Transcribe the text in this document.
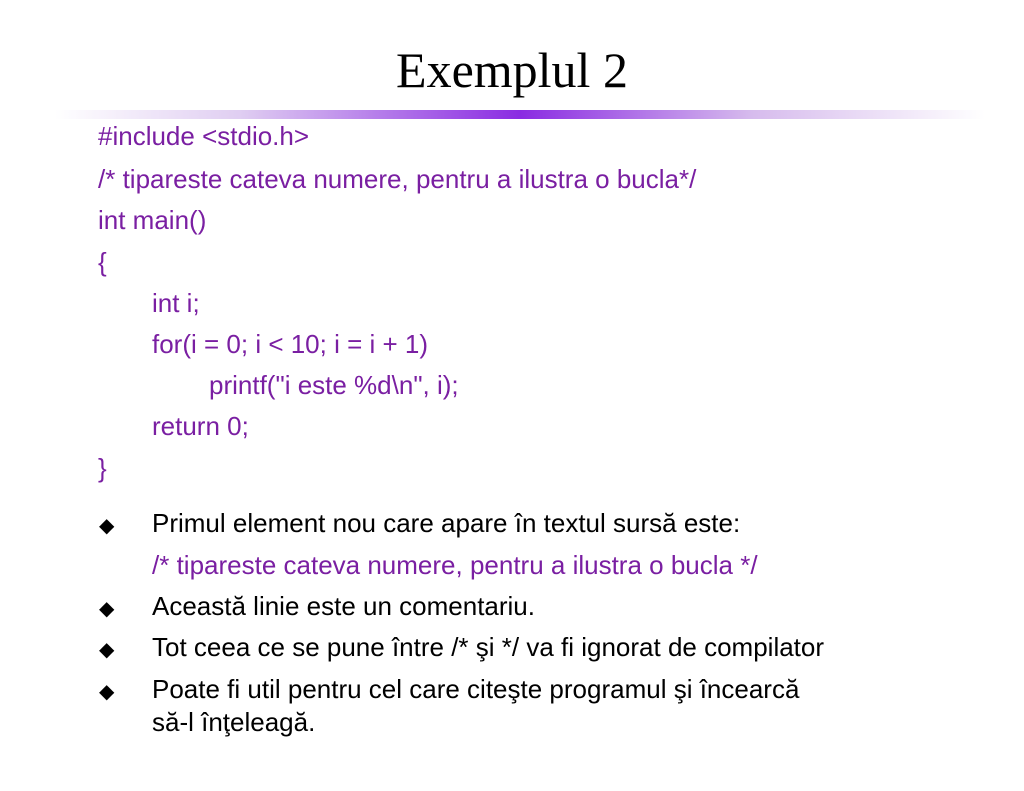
Exemplul 2
#include <stdio.h>
/* tipareste cateva numere, pentru a ilustra o bucla*/
int main()
{
int i;
for(i = 0; i < 10; i = i + 1)
printf("i este %d\n", i);
return 0;
}
◆ Primul element nou care apare în textul sursă este:
/* tipareste cateva numere, pentru a ilustra o bucla */
◆ Această linie este un comentariu.
◆ Tot ceea ce se pune între /* şi */ va fi ignorat de compilator
◆ Poate fi util pentru cel care citeşte programul şi încearcă
să-l înţeleagă.
